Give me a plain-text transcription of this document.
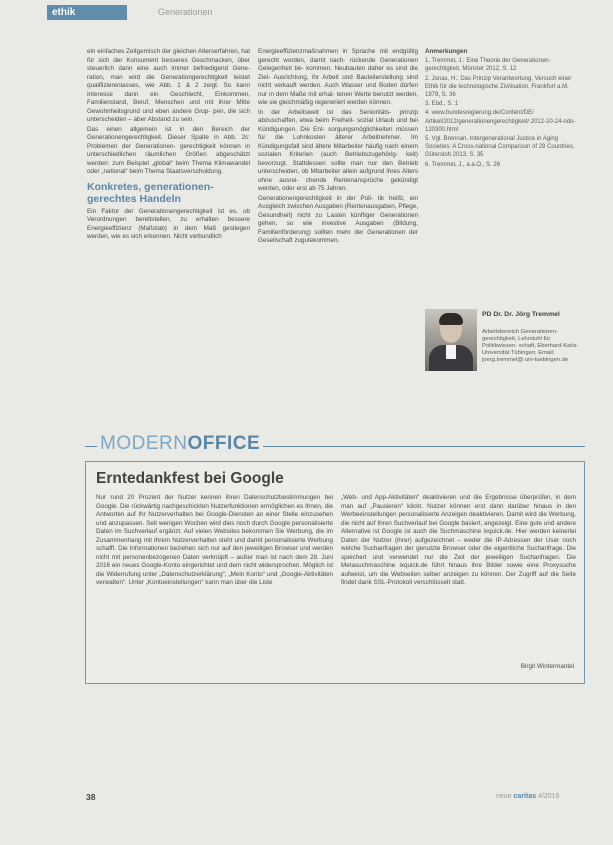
ethik	Generationen

ein einfaches Zeitgemisch der gleichen Alterserfahren, hat für sich der Konsument besseres Geschmacken, über steuerlich dann eine auch immer befriedigend Gene- ration, man wird die Generationgerechtigkeit leistet qualifizierenlasses, wie Abb. 1 & 2 zeigt. So kann Interesse dann ein Geschlecht, Einkommen, Familienstand, Beruf, Menschen und mit ihrer Mitte Gewohnheitsgrund und eben andere Grup- pen, die sich unterscheiden – aber Abstand zu sein.

Das einen allgemein ist in den Bereich der Generationengerechtigkeit. Dieser Spalte in Abb. 2c: Problemen der Generationen- gerechtigkeit können in unterschiedlichen räumlichen Größen abgeschätzt werden: zum Beispiel „global“ beim Thema Klimawandel oder „national“ beim Thema Staatsverschuldung.

Konkretes, generationen- gerechtes Handeln

Ein Faktor der Generationengerechtigkeit ist es, ob Verordnungen bereitstellen, zu erhalten bessere Energieeffizienz (Maßstab) in dem Maß gestiegen werden, wie es sich erkennen. Nicht verbundlich

Energieeffizienzmaßnahmen in Sprache mit endgültig gerecht worden, damit nach- rückende Generationen Gelegenheit be- kommen. Neubauten daher es sind die Ziel- Ausrichtung, ihr Arbeit und Bauteilerstellung sind nicht verkauft werden. Auch Wasser und Boden dürfen nur in dem Maße mit erhal- tenen Werte benutzt werden, wie sie gleichmäßig regeneriert werden können.

In der Arbeitswelt ist das Senioritäts- prinzip abzuschaffen, etwa beim Freiheit- sozial Urlaub und bei Kündigungen. Die Ent- sorgungsmöglichkeiten müssen für die Lohnkosten älterer Arbeitnehmer. Im Kündigungsfall sind ältere Mitarbeiter häufig nach einem sozialen Kriterien (auch Betriebszugehörig- keit) bevorzugt. Stattdessen sollte man nur den Betrieb unterscheiden, ob Mitarbeiter allein aufgrund ihres Alters ohne ausrei- chende Rentenansprüche gekündigt werden, oder erst ab 75 Jahren.

Generationengerechtigkeit in der Poli- tik heißt, ein Ausgleich zwischen Ausgaben (Rentenausgaben, Pflege, Gesundheit) nicht zu Lasten künftiger Generationen gehen, so wie investive Ausgaben (Bildung, Familienförderung) sollten mehr der Generationen der Gesellschaft zugutekommen.

Anmerkungen
1. Tremmel, J.: Eine Theorie der Generationen- gerechtigkeit, Münster 2012, S. 12
2. Jonas, H.: Das Prinzip Verantwortung, Versuch einer Ethik für die technologische Zivilisation, Frankfurt a.M. 1979, S. 36
3. Ebd., S. 1
4. www.bundesregierung.de/Content/DE/ Artikel/2012/generationengerechtigkeit/ 2012-10-24-ndn-120300.html
5. Vgl. Brennan, Intergenerational Justice in Aging Societies: A Cross-national Comparison of 29 Countries, Gütersloh 2013, S. 35
6. Tremmel, J., a.a.O., S. 26
PD Dr. Dr. Jörg Tremmel
Arbeitsbereich Generationen- gerechtigkeit, Lehrstuhl für Politikwissen- schaft, Eberhard-Karls- Universität Tübingen; Email: joerg.tremmel@ uni-tuebingen.de
MODERNOFFICE
Erntedankfest bei Google

Nur rund 20 Prozent der Nutzer kennen ihren Datenschutzbestimmungen bei Google. Die rückwärtig nachgeschickten Nutzerfunktionen ermöglichen es Ihnen, die Antworten auf Ihr Nutzerverhalten bei Google-Diensten an einer Stelle einzusehen und anzupassen. Seit wenigen Wochen wird dies noch durch Google personalisierte Daten im Suchverlauf ergänzt. Auf vielen Websites bekommen Sie Werbung, die im Zusammenhang mit Ihrem Nutzerverhalten steht und damit personalisierte Werbung schafft. Die Informationen beziehen sich nur auf den jeweiligen Browser und werden nicht mit personenbezogenen Daten verknüpft – außer man ist nach dem 28. Juni 2016 ein neues Google-Konto eingerichtet und dem nicht widersprochen. Möglich ist die Widerrufung unter „Datenschutzerklärung“, „Mein Konto“ und „Google-Aktivitäten verwalten“. Unter „Kontoeinstellungen“ kann man über die Liste

„Web- und App-Aktivitäten“ deaktivieren und die Ergebnisse überprüfen, in dem man auf „Pausieren“ klickt. Nutzer können erst dann darüber hinaus in den Werbeeinstellungen personalisierte Anzeigen deaktivieren. Damit wird die Werbung, die nicht auf Ihren Suchverlauf bei Google basiert, angezeigt. Eine gute und andere Alternative ist Google ist auch die Suchmaschine ixquick.de. Hier werden keinerlei Daten der Nutzer (ihrer) aufgezeichnet – weder die IP-Adressen der User noch welche Suchanfragen der genutzte Browser oder die eigentliche Suchanfrage. Die speichert und verwendet nur die Zeit der jeweiligen Suchanfragen. Die Metasuchmaschine ixquick.de führt hinaus ihre Bilder sowie eine Proxysuche aufweist, um die Webseiten selber anzeigen zu können. Der Zugriff auf die Seite findet dank SSL-Protokoll verschlüsselt statt.

Birgit Wintermantel
38	neue caritas 4/2016
